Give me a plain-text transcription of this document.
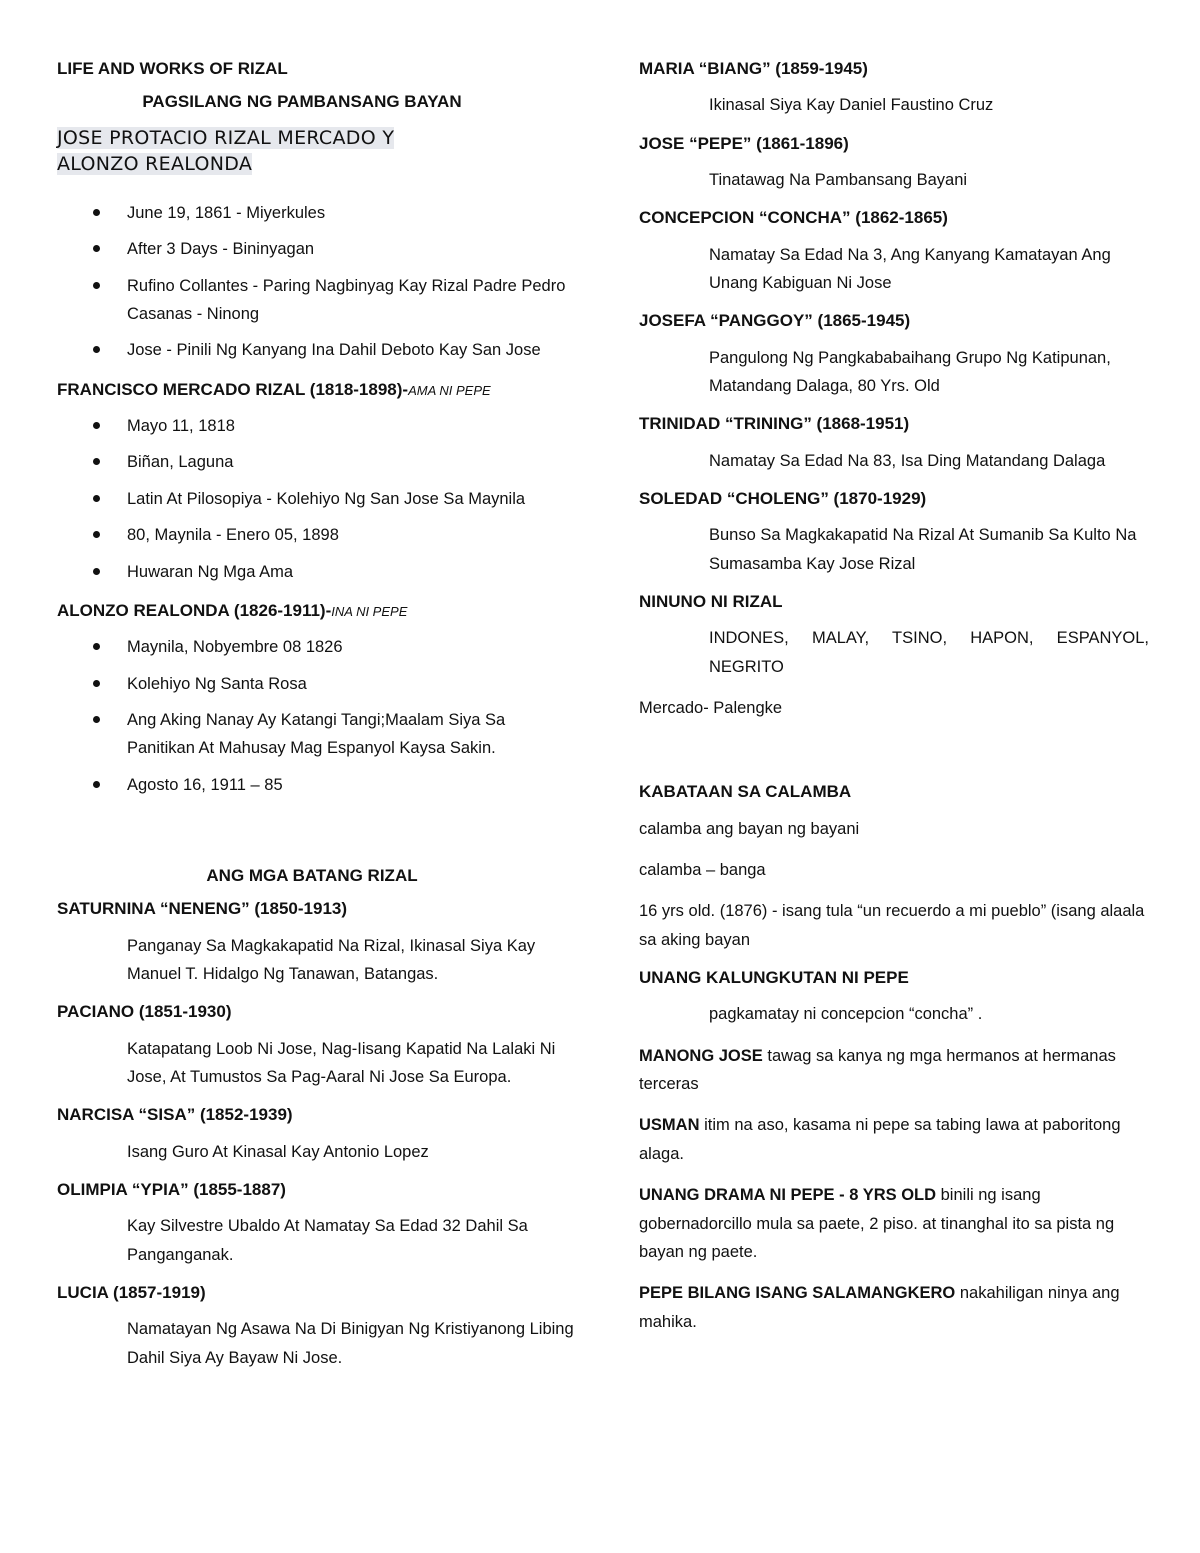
LIFE AND WORKS OF RIZAL
PAGSILANG NG PAMBANSANG BAYAN
JOSE PROTACIO RIZAL MERCADO Y
ALONZO REALONDA
June 19, 1861 - Miyerkules
After 3 Days - Bininyagan
Rufino Collantes - Paring Nagbinyag Kay Rizal Padre Pedro Casanas - Ninong
Jose - Pinili Ng Kanyang Ina Dahil Deboto Kay San Jose
FRANCISCO MERCADO RIZAL (1818-1898)-AMA NI PEPE
Mayo 11, 1818
Biñan, Laguna
Latin At Pilosopiya - Kolehiyo Ng San Jose Sa Maynila
80, Maynila - Enero 05, 1898
Huwaran Ng Mga Ama
ALONZO REALONDA (1826-1911)-INA NI PEPE
Maynila, Nobyembre 08 1826
Kolehiyo Ng Santa Rosa
Ang Aking Nanay Ay Katangi Tangi;Maalam Siya Sa Panitikan At Mahusay Mag Espanyol Kaysa Sakin.
Agosto 16, 1911 – 85
ANG MGA BATANG RIZAL
SATURNINA “NENENG” (1850-1913)
Panganay Sa Magkakapatid Na Rizal, Ikinasal Siya Kay Manuel T. Hidalgo Ng Tanawan, Batangas.
PACIANO (1851-1930)
Katapatang Loob Ni Jose, Nag-Iisang Kapatid Na Lalaki Ni Jose, At Tumustos Sa Pag-Aaral Ni Jose Sa Europa.
NARCISA “SISA” (1852-1939)
Isang Guro At Kinasal Kay Antonio Lopez
OLIMPIA “YPIA” (1855-1887)
Kay Silvestre Ubaldo At Namatay Sa Edad 32 Dahil Sa Panganganak.
LUCIA (1857-1919)
Namatayan Ng Asawa Na Di Binigyan Ng Kristiyanong Libing Dahil Siya Ay Bayaw Ni Jose.
MARIA “BIANG” (1859-1945)
Ikinasal Siya Kay Daniel Faustino Cruz
JOSE “PEPE” (1861-1896)
Tinatawag Na Pambansang Bayani
CONCEPCION “CONCHA” (1862-1865)
Namatay Sa Edad Na 3, Ang Kanyang Kamatayan Ang Unang Kabiguan Ni Jose
JOSEFA “PANGGOY” (1865-1945)
Pangulong Ng Pangkababaihang Grupo Ng Katipunan, Matandang Dalaga, 80 Yrs. Old
TRINIDAD “TRINING” (1868-1951)
Namatay Sa Edad Na 83, Isa Ding Matandang Dalaga
SOLEDAD “CHOLENG” (1870-1929)
Bunso Sa Magkakapatid Na Rizal At Sumanib Sa Kulto Na Sumasamba Kay Jose Rizal
NINUNO NI RIZAL
INDONES, MALAY, TSINO, HAPON, ESPANYOL, NEGRITO
Mercado- Palengke
KABATAAN SA CALAMBA
calamba ang bayan ng bayani
calamba – banga
16 yrs old. (1876) - isang tula “un recuerdo a mi pueblo” (isang alaala sa aking bayan
UNANG KALUNGKUTAN NI PEPE
pagkamatay ni concepcion “concha” .
MANONG JOSE tawag sa kanya ng mga hermanos at hermanas terceras
USMAN itim na aso, kasama ni pepe sa tabing lawa at paboritong alaga.
UNANG DRAMA NI PEPE - 8 YRS OLD binili ng isang gobernadorcillo mula sa paete, 2 piso. at tinanghal ito sa pista ng bayan ng paete.
PEPE BILANG ISANG SALAMANGKERO nakahiligan ninya ang mahika.
